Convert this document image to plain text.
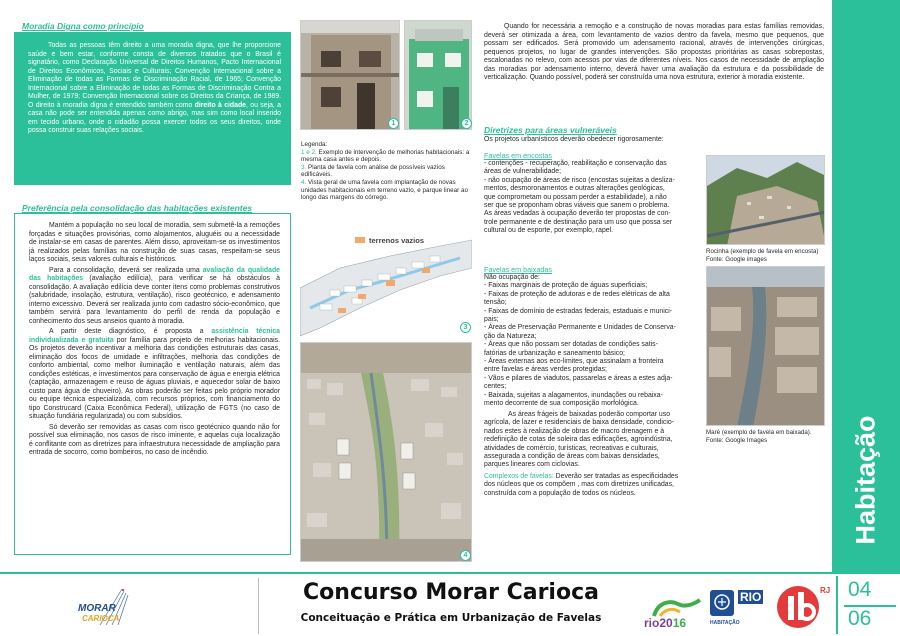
Moradia Digna como princípio
Todas as pessoas têm direito a uma moradia digna, que lhe proporcione saúde e bem estar, conforme consta de diversos tratados que o Brasil é signatário, como Declaração Universal de Direitos Humanos, Pacto Internacional de Direitos Econômicos, Sociais e Culturais; Convenção Internacional sobre a Eliminação de todas as Formas de Discriminação Racial, de 1965; Convenção Internacional sobre a Eliminação de todas as Formas de Discriminação Contra a Mulher, de 1979; Convenção Internacional sobre os Direitos da Criança, de 1989. O direito à moradia digna é entendido também como direito à cidade, ou seja, a casa não pode ser entendida apenas como abrigo, mas sim como local inserido em tecido urbano, onde o cidadão possa exercer todos os seus direitos, onde possa construir suas relações sociais.
Preferência pela consolidação das habitações existentes

Mantém a população no seu local de moradia, sem submetê-la a remoções forçadas e situações provisórias, como alojamentos, aluguéis ou a necessidade de instalar-se em casas de parentes. Além disso, aproveitam-se os investimentos já realizados pelas famílias na construção de suas casas, respeitam-se seus laços sociais, seus valores culturais e históricos.

Para a consolidação, deverá ser realizada uma avaliação da qualidade das habitações (avaliação edilícia), para verificar se há obstáculos à consolidação. A avaliação edilícia deve conter itens como problemas construtivos (salubridade, insolação, estrutura, ventilação), risco geotécnico, e adensamento interno excessivo. Deverá ser realizada junto com cadastro sócio-econômico, que também servirá para levantamento do perfil de renda da população e conhecimento dos seus anseios quanto à moradia.

A partir deste diagnóstico, é proposta a assistência técnica individualizada e gratuita por família para projeto de melhorias habitacionais. Os projetos deverão incentivar a melhoria das condições estruturais das casas, eliminação dos focos de umidade e infiltrações, melhoria das condições de conforto ambiental, como melhor iluminação e ventilação naturais, além das condições estéticas, e investimentos para conservação de água e energia elétrica (captação, armazenagem e reuso de águas pluviais, e aquecedor solar de baixo custo para água de chuveiro). As obras poderão ser feitas pelo próprio morador ou equipe técnica especializada, com recursos próprios, com financiamento do tipo Construcard (Caixa Econômica Federal), utilização de FGTS (no caso de situação fundiária regularizada) ou com subsídios.

Só deverão ser removidas as casas com risco geotécnico quando não for possível sua eliminação, nos casos de risco iminente, e aquelas cuja localização é conflitante com as diretrizes para infraestrutura necessidade de ampliação para entrada de socorro, como bombeiros, no caso de incêndio.

1	2
Legenda:
1 e 2. Exemplo de intervenção de melhorias habitacionais: a mesma casa antes e depois.
3. Planta de favela com análise de possíveis vazios edificáveis.
4. Vista geral de uma favela com implantação de novas unidades habitacionais em terreno vazio, e parque linear ao longo das margens do córrego.
terrenos vazios
3
4
Quando for necessária a remoção e a construção de novas moradias para estas famílias removidas, deverá ser otimizada a área, com levantamento de vazios dentro da favela, mesmo que pequenos, que possam ser edificados. Será promovido um adensamento racional, através de intervenções cirúrgicas, pequenos projetos, no lugar de grandes intervenções. São propostas prioritárias as casas sobrepostas, escalonadas no relevo, com acessos por vias de diferentes níveis. Nos casos de necessidade de ampliação das moradias por adensamento interno, deverá haver uma avaliação da estrutura e da possibilidade de verticalização. Quando possível, poderá ser construída uma nova estrutura, exterior à moradia existente.
Diretrizes para áreas vulneráveis
Os projetos urbanísticos deverão obedecer rigorosamente:
Favelas em encostas
- contenções - recuperação, reabilitação e conservação das
áreas de vulnerabilidade;
- não ocupação de áreas de risco (encostas sujeitas a desliza-
mentos, desmoronamentos e outras alterações geológicas,
que comprometam ou possam perder a estabilidade), a não
ser que se proponham obras viáveis que sanem o problema.
As áreas vedadas à ocupação deverão ter propostas de con-
trole permanente e de destinação para um uso que possa ser
cultural ou de esporte, por exemplo, rapel.
Favelas em baixadas
Não ocupação de:
- Faixas marginais de proteção de águas superficiais;
- Faixas de proteção de adutoras e de redes elétricas de alta
tensão;
- Faixas de domínio de estradas federais, estaduais e munici-
pais;
- Áreas de Preservação Permanente e Unidades de Conserva-
ção da Natureza;
- Áreas que não possam ser dotadas de condições satis-
fatórias de urbanização e saneamento básico;
- Áreas externas aos eco-limites, que assinalam a fronteira
entre favelas e áreas verdes protegidas;
- Vãos e pilares de viadutos, passarelas e áreas a estes adja-
centes;
- Baixada, sujeitas a alagamentos, inundações ou rebaixa-
mento decorrente de sua composição morfológica.
As áreas frágeis de baixadas poderão comportar uso
agrícola, de lazer e residenciais de baixa densidade, condicio-
nados estes à realização de obras de macro drenagem e à
redefinição de cotas de soleira das edificações, agroindústria,
atividades de comércio, turísticas, recreativas e culturais,
assegurada a condição de áreas com baixas densidades,
parques lineares com ciclovias.
Complexos de favelas: Deverão ser tratadas as especificidades
dos núcleos que os compõem , mas com diretrizes unificadas,
construída com a população de todos os núcleos.
Rocinha (exemplo de favela em encosta)
Fonte: Google images
Maré (exemplo de favela em baixada).
Fonte: Google Images	Habitação
MORAR
CARIOCA
Concurso Morar Carioca
Conceituação e Prática em Urbanização de Favelas	rio2016
RIO
HABITAÇÃO
RJ 04
06
